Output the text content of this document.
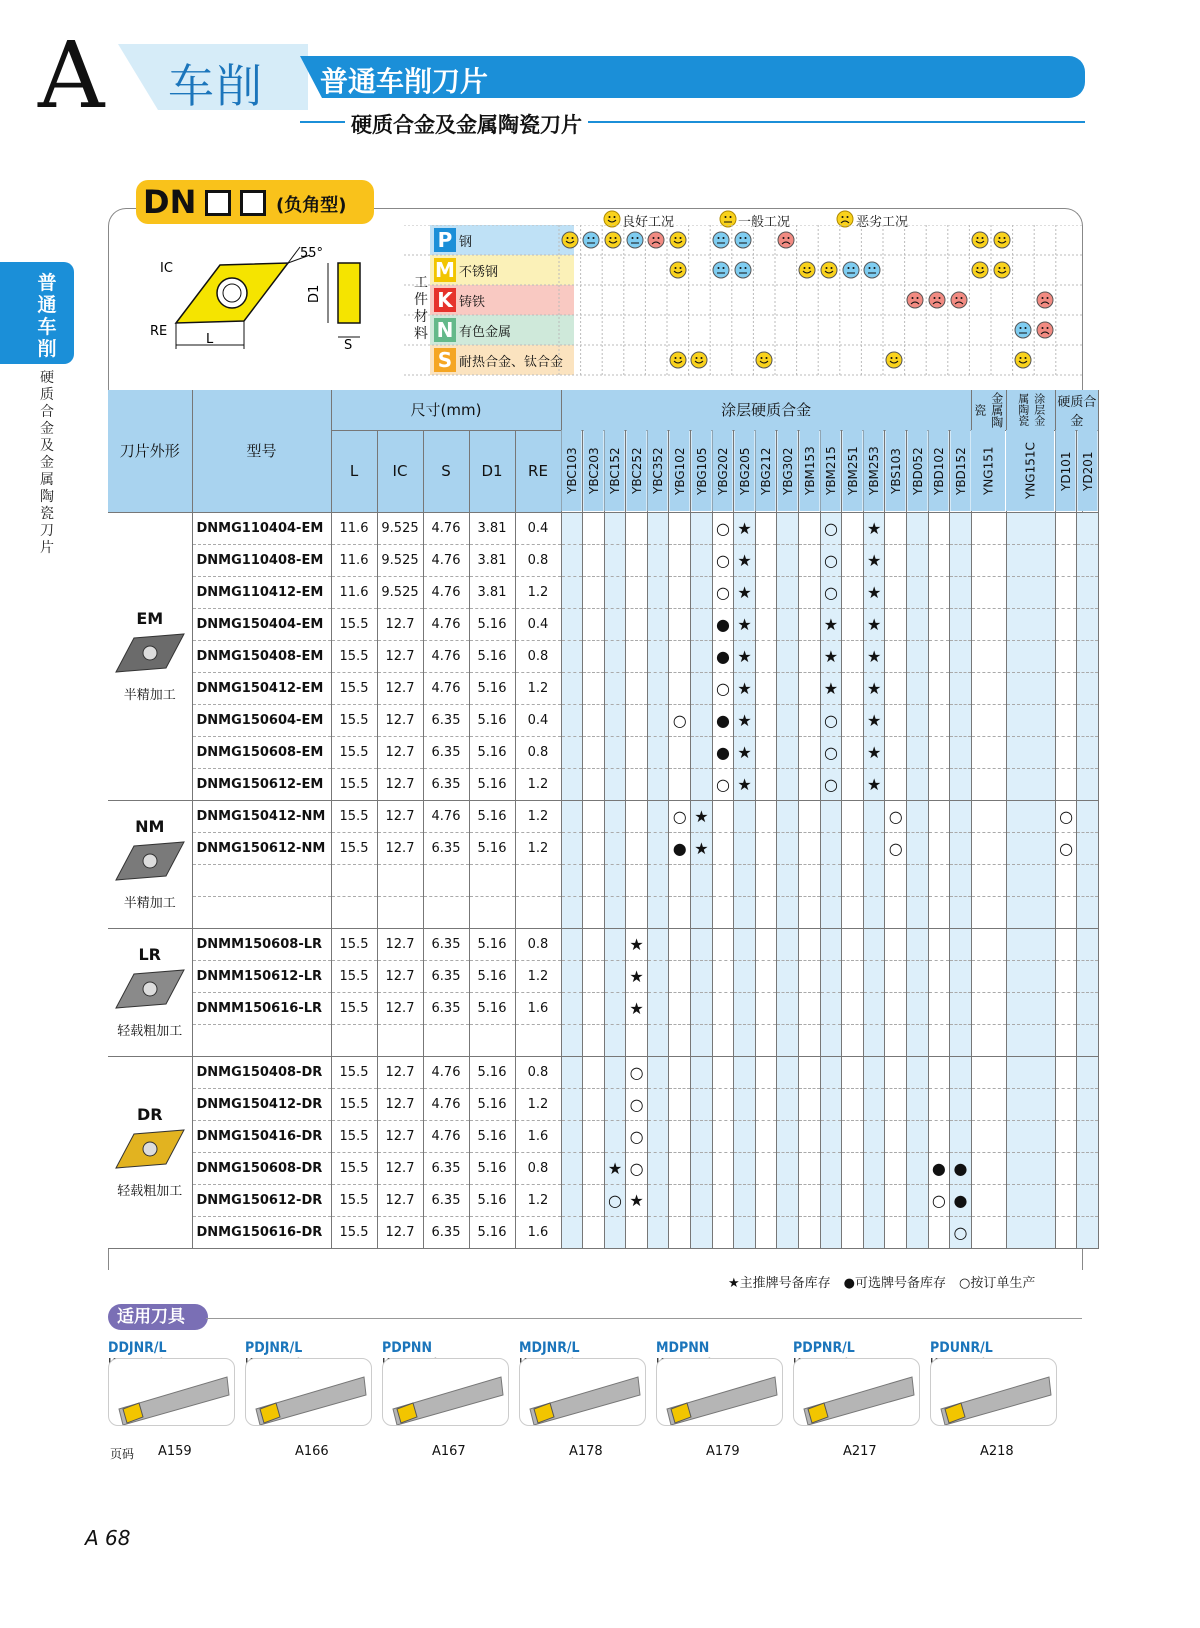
A 车削 普通车削刀片
硬质合金及金属陶瓷刀片
普通车削
硬质合金及金属陶瓷刀片
DN	(负角型)
55°
IC
RE
L
D1
S
良好工况	一般工况	恶劣工况
工件材料
P 钢
M 不锈钢
K 铸铁
N 有色金属
S 耐热合金、钛合金
刀片外形	型号	尺寸(mm)					涂层硬质合金																			金属陶瓷	涂层金属陶瓷	硬质合金	
		L	IC	S	D1	RE	YBC103	YBC203	YBC152	YBC252	YBC352	YBG102	YBG105	YBG202	YBG205	YBG212	YBG302	YBM153	YBM215	YBM251	YBM253	YBS103	YBD052	YBD102	YBD152	YNG151	YNG151C	YD101	YD201

EM
半精加工	DNMG110404-EM	11.6	9.525	4.76	3.81	0.4								○	★				○		★								
	DNMG110408-EM	11.6	9.525	4.76	3.81	0.8								○	★				○		★								
	DNMG110412-EM	11.6	9.525	4.76	3.81	1.2								○	★				○		★								
	DNMG150404-EM	15.5	12.7	4.76	5.16	0.4								●	★				★		★								
	DNMG150408-EM	15.5	12.7	4.76	5.16	0.8								●	★				★		★								
	DNMG150412-EM	15.5	12.7	4.76	5.16	1.2								○	★				★		★								
	DNMG150604-EM	15.5	12.7	6.35	5.16	0.4						○		●	★				○		★								
	DNMG150608-EM	15.5	12.7	6.35	5.16	0.8								●	★				○		★								
	DNMG150612-EM	15.5	12.7	6.35	5.16	1.2								○	★				○		★								

NM
半精加工	DNMG150412-NM	15.5	12.7	4.76	5.16	1.2						○	★									○						○	
	DNMG150612-NM	15.5	12.7	6.35	5.16	1.2						●	★									○						○	

LR
轻载粗加工	DNMM150608-LR	15.5	12.7	6.35	5.16	0.8				★																			
	DNMM150612-LR	15.5	12.7	6.35	5.16	1.2				★																			
	DNMM150616-LR	15.5	12.7	6.35	5.16	1.6				★																			

DR
轻载粗加工	DNMG150408-DR	15.5	12.7	4.76	5.16	0.8				○																			
	DNMG150412-DR	15.5	12.7	4.76	5.16	1.2				○																			
	DNMG150416-DR	15.5	12.7	4.76	5.16	1.6				○																			
	DNMG150608-DR	15.5	12.7	6.35	5.16	0.8			★	○														●	●				
	DNMG150612-DR	15.5	12.7	6.35	5.16	1.2			○	★														○	●				
	DNMG150616-DR	15.5	12.7	6.35	5.16	1.6																			○				
★主推牌号备库存　●可选牌号备库存　○按订单生产
适用刀具
DDJNR/L
KAPR:93°
PDJNR/L
KAPR:93°
PDPNN
KAPR:62°30'
MDJNR/L
KAPR:93°
MDPNN
KAPR:62°30'
PDPNR/L
KAPR:62°30'
PDUNR/L
KAPR:93°
页码
A 68
A159	A166	A167	A178	A179	A217	A218
